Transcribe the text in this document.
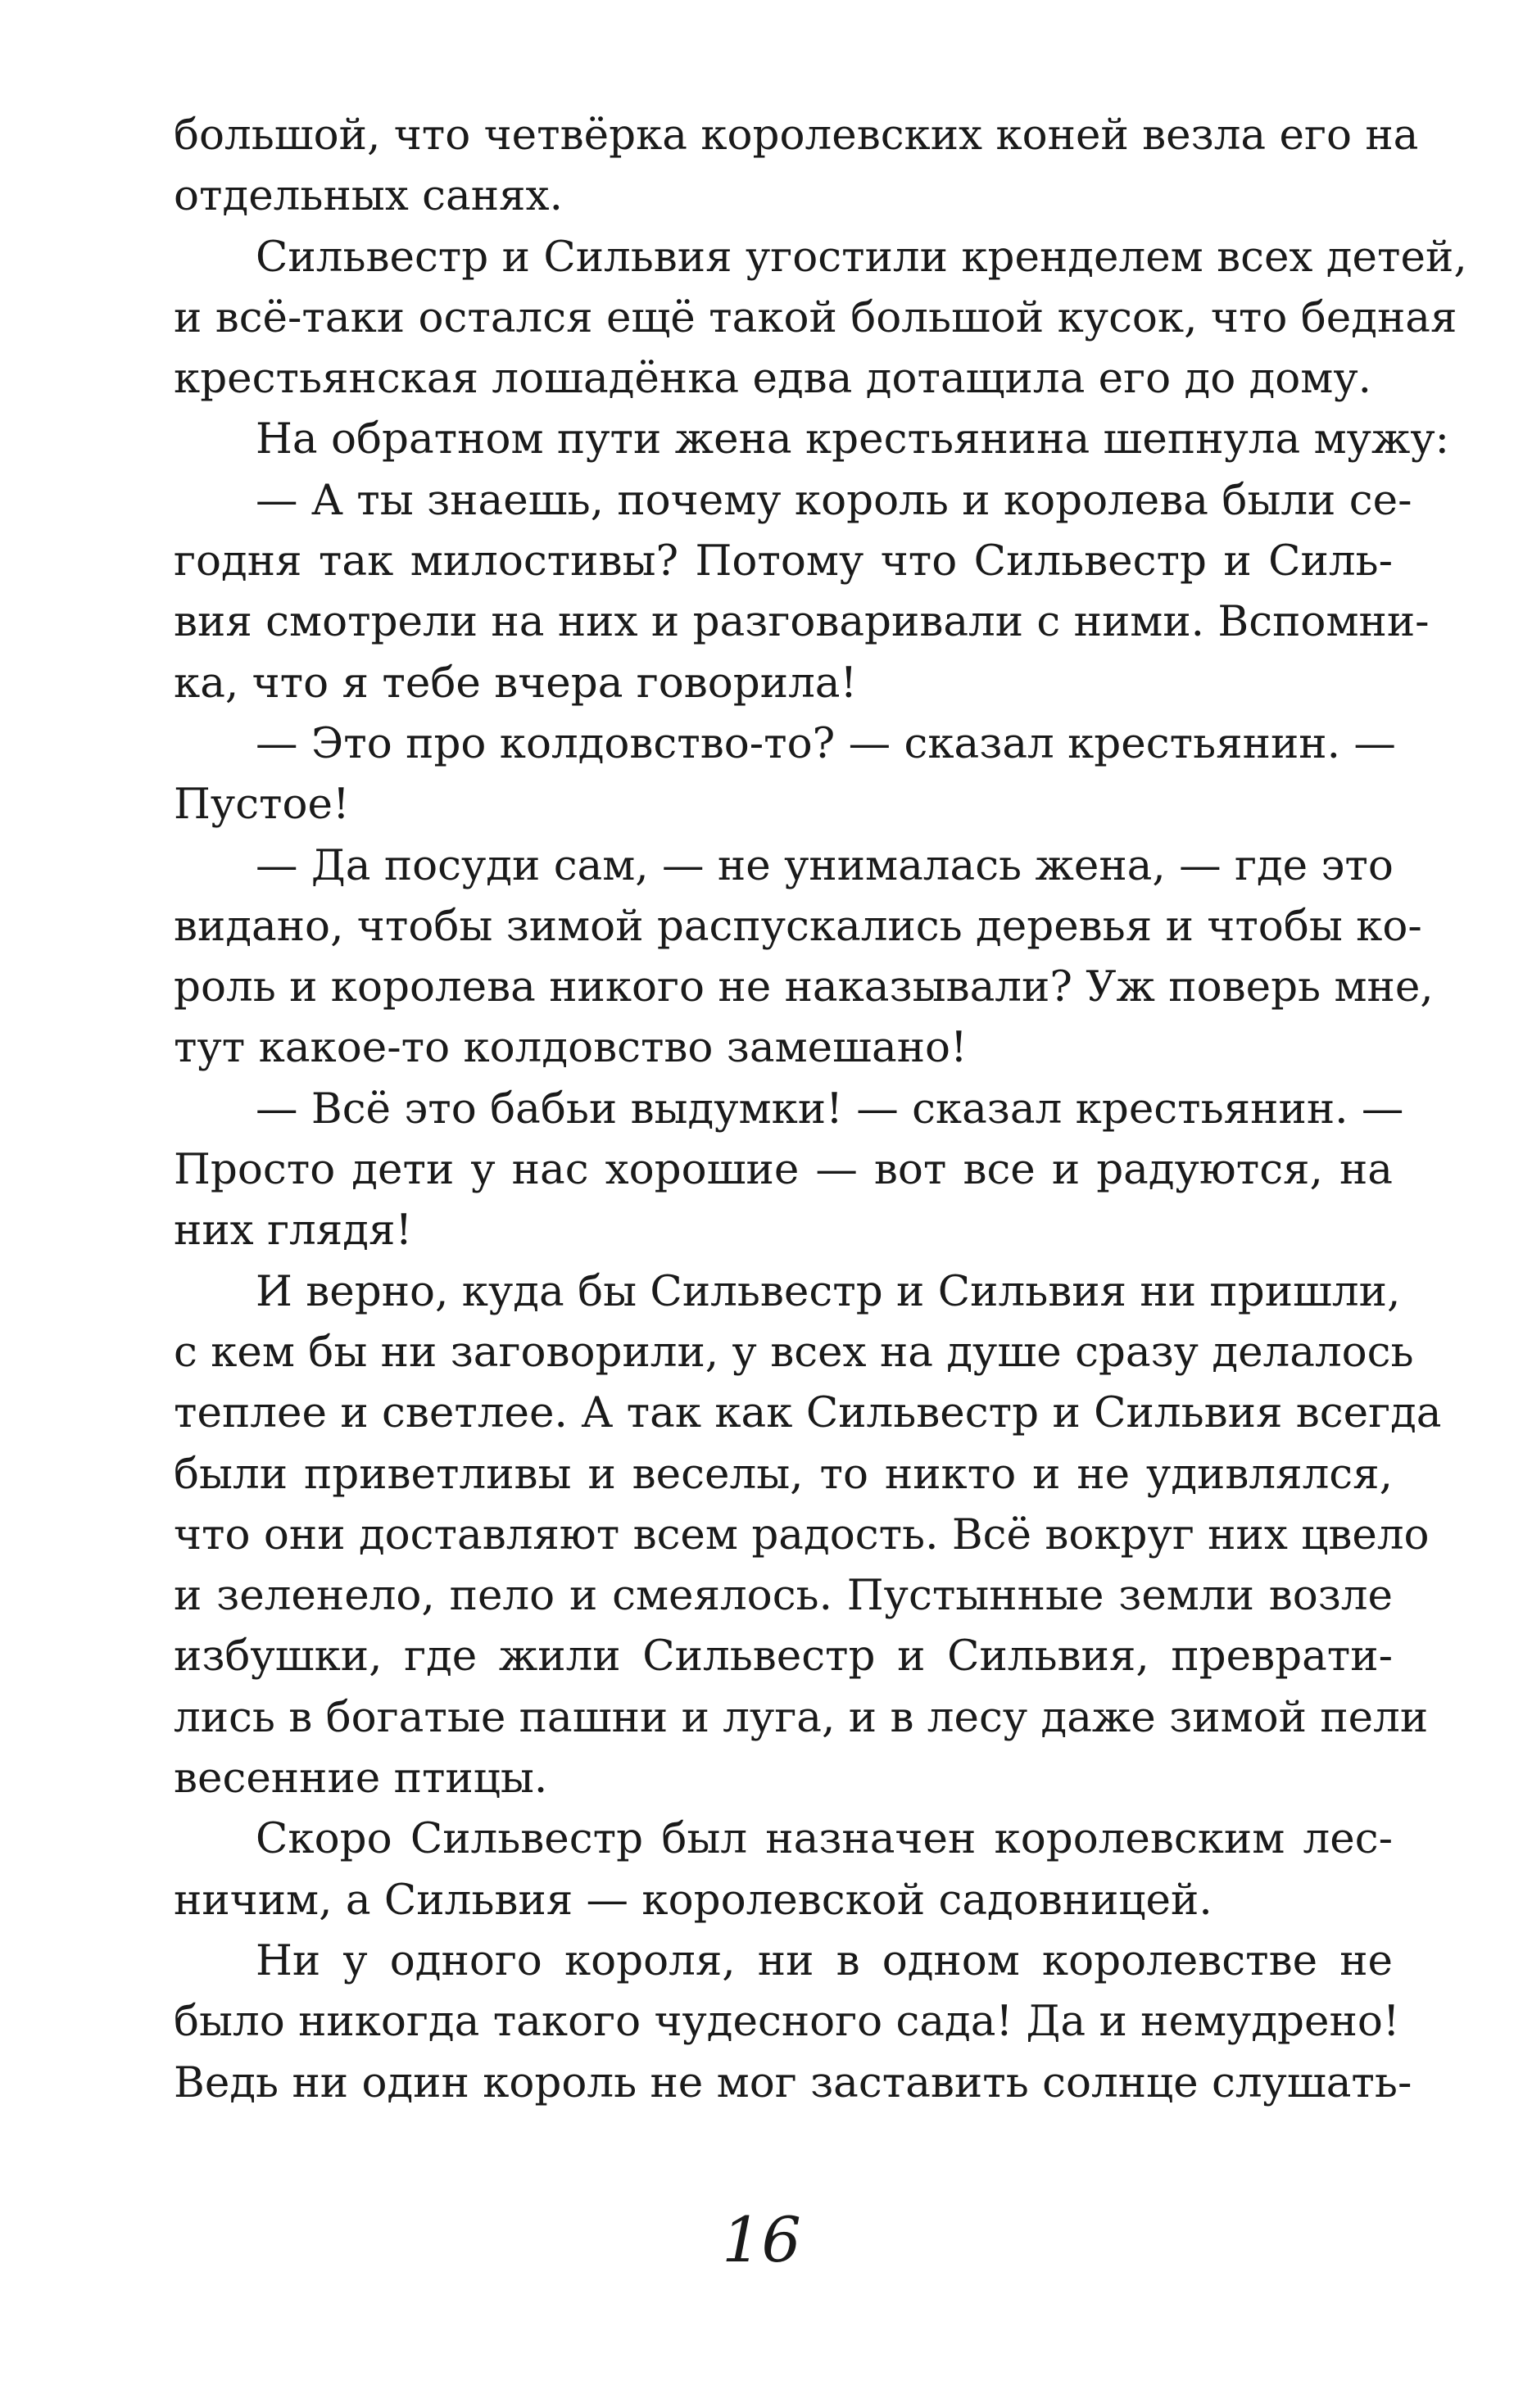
большой, что четвёрка королевских коней везла его на
отдельных санях.
Сильвестр и Сильвия угостили кренделем всех детей,
и всё-таки остался ещё такой большой кусок, что бедная
крестьянская лошадёнка едва дотащила его до дому.
На обратном пути жена крестьянина шепнула мужу:
— А ты знаешь, почему король и королева были се-
годня так милостивы? Потому что Сильвестр и Силь-
вия смотрели на них и разговаривали с ними. Вспомни-
ка, что я тебе вчера говорила!
— Это про колдовство-то? — сказал крестьянин. —
Пустое!
— Да посуди сам, — не унималась жена, — где это
видано, чтобы зимой распускались деревья и чтобы ко-
роль и королева никого не наказывали? Уж поверь мне,
тут какое-то колдовство замешано!
— Всё это бабьи выдумки! — сказал крестьянин. —
Просто дети у нас хорошие — вот все и радуются, на
них глядя!
И верно, куда бы Сильвестр и Сильвия ни пришли,
с кем бы ни заговорили, у всех на душе сразу делалось
теплее и светлее. А так как Сильвестр и Сильвия всегда
были приветливы и веселы, то никто и не удивлялся,
что они доставляют всем радость. Всё вокруг них цвело
и зеленело, пело и смеялось. Пустынные земли возле
избушки, где жили Сильвестр и Сильвия, преврати-
лись в богатые пашни и луга, и в лесу даже зимой пели
весенние птицы.
Скоро Сильвестр был назначен королевским лес-
ничим, а Сильвия — королевской садовницей.
Ни у одного короля, ни в одном королевстве не
было никогда такого чудесного сада! Да и немудрено!
Ведь ни один король не мог заставить солнце слушать-
16
